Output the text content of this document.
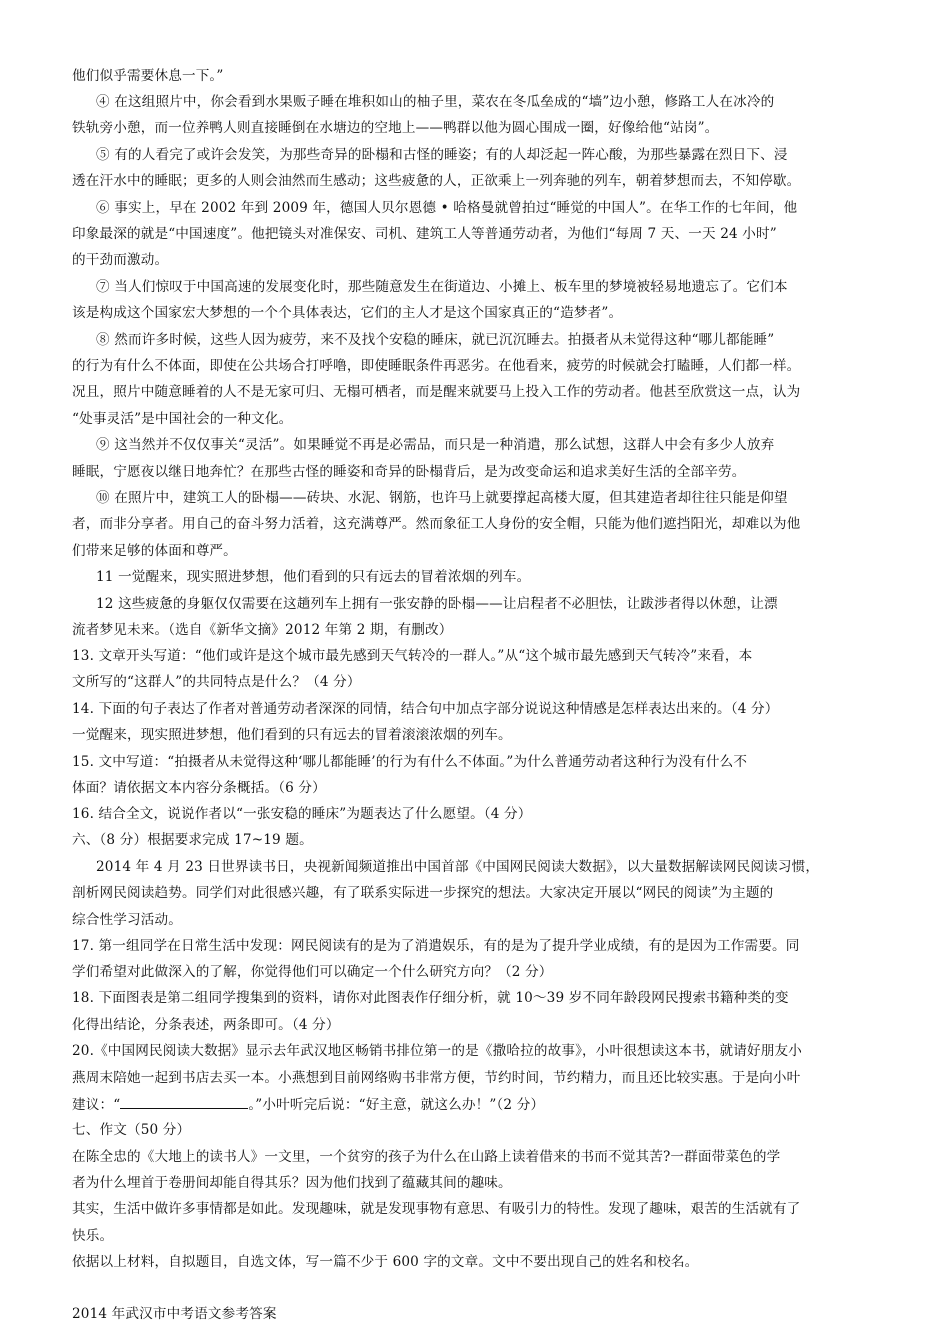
他们似乎需要休息一下。”
④ 在这组照片中，你会看到水果贩子睡在堆积如山的柚子里，菜农在冬瓜垒成的“墙”边小憩，修路工人在冰冷的
铁轨旁小憩，而一位养鸭人则直接睡倒在水塘边的空地上——鸭群以他为圆心围成一圈，好像给他“站岗”。
⑤ 有的人看完了或许会发笑，为那些奇异的卧榻和古怪的睡姿；有的人却泛起一阵心酸，为那些暴露在烈日下、浸
透在汗水中的睡眠；更多的人则会油然而生感动；这些疲惫的人，正欲乘上一列奔驰的列车，朝着梦想而去，不知停歇。
⑥ 事实上，早在 2002 年到 2009 年，德国人贝尔恩德 • 哈格曼就曾拍过“睡觉的中国人”。在华工作的七年间，他
印象最深的就是“中国速度”。他把镜头对准保安、司机、建筑工人等普通劳动者，为他们“每周 7 天、一天 24 小时”
的干劲而激动。
⑦ 当人们惊叹于中国高速的发展变化时，那些随意发生在街道边、小摊上、板车里的梦境被轻易地遗忘了。它们本
该是构成这个国家宏大梦想的一个个具体表达，它们的主人才是这个国家真正的“造梦者”。
⑧ 然而许多时候，这些人因为疲劳，来不及找个安稳的睡床，就已沉沉睡去。拍摄者从未觉得这种“哪儿都能睡”
的行为有什么不体面，即使在公共场合打呼噜，即使睡眠条件再恶劣。在他看来，疲劳的时候就会打瞌睡，人们都一样。
况且，照片中随意睡着的人不是无家可归、无榻可栖者，而是醒来就要马上投入工作的劳动者。他甚至欣赏这一点，认为
“处事灵活”是中国社会的一种文化。
⑨ 这当然并不仅仅事关“灵活”。如果睡觉不再是必需品，而只是一种消遣，那么试想，这群人中会有多少人放弃
睡眠，宁愿夜以继日地奔忙？在那些古怪的睡姿和奇异的卧榻背后，是为改变命运和追求美好生活的全部辛劳。
⑩ 在照片中，建筑工人的卧榻——砖块、水泥、钢筋，也许马上就要撑起高楼大厦，但其建造者却往往只能是仰望
者，而非分享者。用自己的奋斗努力活着，这充满尊严。然而象征工人身份的安全帽，只能为他们遮挡阳光，却难以为他
们带来足够的体面和尊严。
11 一觉醒来，现实照进梦想，他们看到的只有远去的冒着浓烟的列车。
12 这些疲惫的身躯仅仅需要在这趟列车上拥有一张安静的卧榻——让启程者不必胆怯，让跋涉者得以休憩，让漂
流者梦见未来。（选自《新华文摘》2012 年第 2 期，有删改）
13. 文章开头写道：“他们或许是这个城市最先感到天气转冷的一群人。”从“这个城市最先感到天气转冷”来看，本
文所写的“这群人”的共同特点是什么？（4 分）
14. 下面的句子表达了作者对普通劳动者深深的同情，结合句中加点字部分说说这种情感是怎样表达出来的。（4 分）
一觉醒来，现实照进梦想，他们看到的只有远去的冒着滚滚浓烟的列车。
15. 文中写道：“拍摄者从未觉得这种‘哪儿都能睡’的行为有什么不体面。”为什么普通劳动者这种行为没有什么不
体面？请依据文本内容分条概括。（6 分）
16. 结合全文，说说作者以“一张安稳的睡床”为题表达了什么愿望。（4 分）
六、（8 分）根据要求完成 17~19 题。
2014 年 4 月 23 日世界读书日，央视新闻频道推出中国首部《中国网民阅读大数据》，以大量数据解读网民阅读习惯，
剖析网民阅读趋势。同学们对此很感兴趣，有了联系实际进一步探究的想法。大家决定开展以“网民的阅读”为主题的
综合性学习活动。
17. 第一组同学在日常生活中发现：网民阅读有的是为了消遣娱乐，有的是为了提升学业成绩，有的是因为工作需要。同
学们希望对此做深入的了解，你觉得他们可以确定一个什么研究方向？（2 分）
18. 下面图表是第二组同学搜集到的资料，请你对此图表作仔细分析，就 10～39 岁不同年龄段网民搜索书籍种类的变
化得出结论，分条表述，两条即可。（4 分）
20.《中国网民阅读大数据》显示去年武汉地区畅销书排位第一的是《撒哈拉的故事》，小叶很想读这本书，就请好朋友小
燕周末陪她一起到书店去买一本。小燕想到目前网络购书非常方便，节约时间，节约精力，而且还比较实惠。于是向小叶
建议：“	。”小叶听完后说：“好主意，就这么办！”（2 分）
七、作文（50 分）
在陈全忠的《大地上的读书人》一文里，一个贫穷的孩子为什么在山路上读着借来的书而不觉其苦?一群面带菜色的学
者为什么埋首于卷册间却能自得其乐？因为他们找到了蕴藏其间的趣味。
其实，生活中做许多事情都是如此。发现趣味，就是发现事物有意思、有吸引力的特性。发现了趣味，艰苦的生活就有了
快乐。
依据以上材料，自拟题目，自选文体，写一篇不少于 600 字的文章。文中不要出现自己的姓名和校名。
2014 年武汉市中考语文参考答案
